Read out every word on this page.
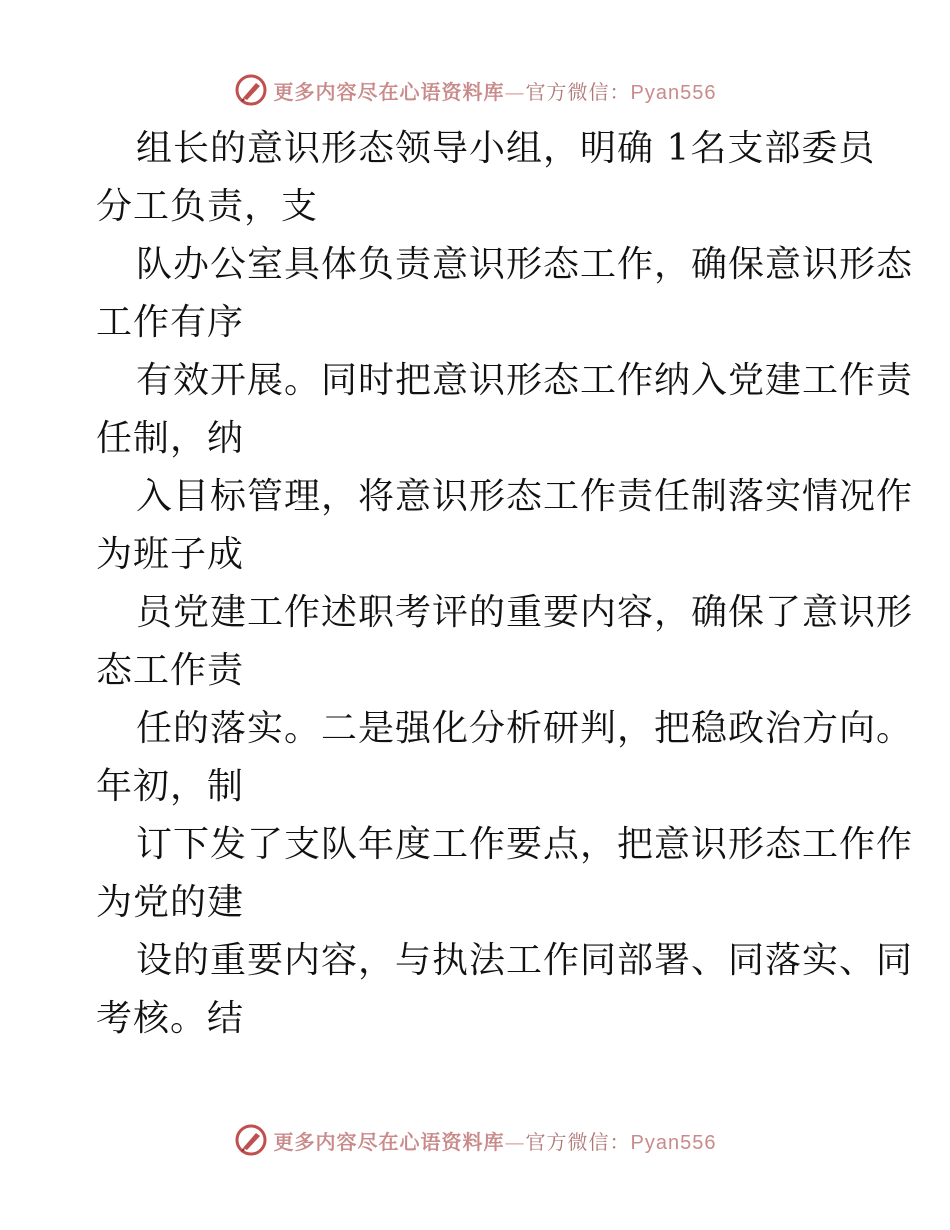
更多内容尽在心语资料库—官方微信：Pyan556
组长的意识形态领导小组，明确 1名支部委员
分工负责，支
队办公室具体负责意识形态工作，确保意识形态
工作有序
有效开展。同时把意识形态工作纳入党建工作责
任制，纳
入目标管理，将意识形态工作责任制落实情况作
为班子成
员党建工作述职考评的重要内容，确保了意识形
态工作责
任的落实。二是强化分析研判，把稳政治方向。
年初，制
订下发了支队年度工作要点，把意识形态工作作
为党的建
设的重要内容，与执法工作同部署、同落实、同
考核。结
更多内容尽在心语资料库—官方微信：Pyan556
